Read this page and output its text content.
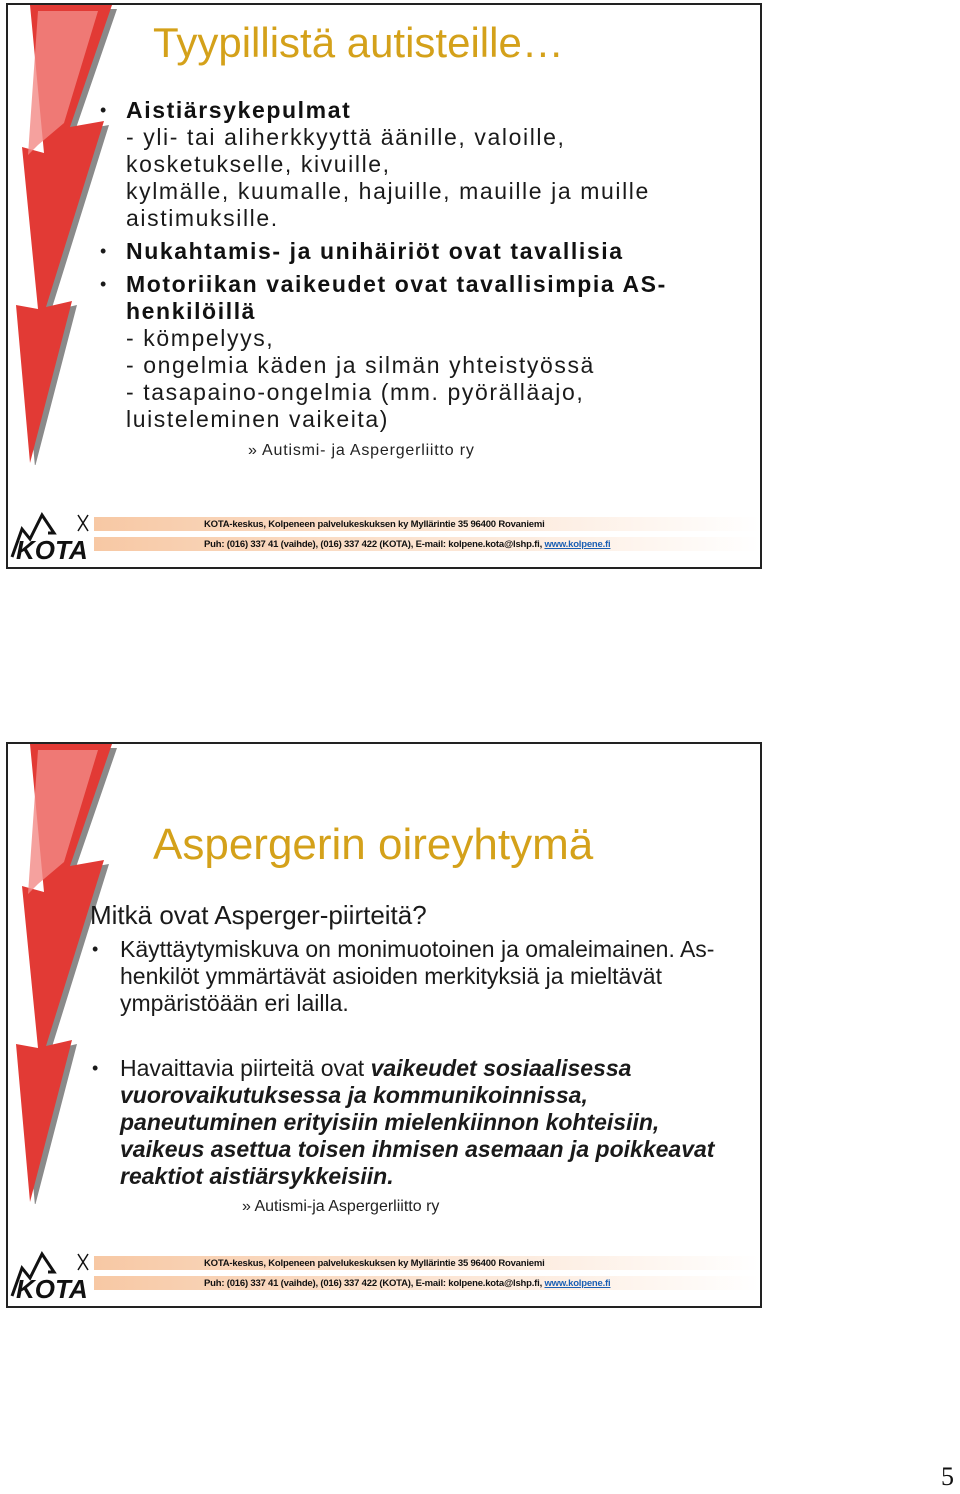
Tyypillistä autisteille…
• Aistiärsykepulmat
- yli- tai aliherkkyyttä äänille, valoille,
kosketukselle, kivuille,
kylmälle, kuumalle, hajuille, mauille ja muille
aistimuksille.
• Nukahtamis- ja unihäiriöt ovat tavallisia
• Motoriikan vaikeudet ovat tavallisimpia AS-henkilöillä
- kömpelyys,
- ongelmia käden ja silmän yhteistyössä
- tasapaino-ongelmia (mm. pyörälläajo,
luisteleminen vaikeita)
» Autismi- ja Aspergerliitto ry
KOTA
KOTA-keskus, Kolpeneen palvelukeskuksen ky Myllärintie 35 96400 Rovaniemi
Puh: (016) 337 41 (vaihde), (016) 337 422 (KOTA), E-mail: kolpene.kota@lshp.fi, www.kolpene.fi
Aspergerin oireyhtymä
Mitkä ovat Asperger-piirteitä?
• Käyttäytymiskuva on monimuotoinen ja omaleimainen. As-henkilöt ymmärtävät asioiden merkityksiä ja mieltävät ympäristöään eri lailla.
• Havaittavia piirteitä ovat vaikeudet sosiaalisessa vuorovaikutuksessa ja kommunikoinnissa, paneutuminen erityisiin mielenkiinnon kohteisiin, vaikeus asettua toisen ihmisen asemaan ja poikkeavat reaktiot aistiärsykkeisiin.
» Autismi-ja Aspergerliitto ry
KOTA
KOTA-keskus, Kolpeneen palvelukeskuksen ky Myllärintie 35 96400 Rovaniemi
Puh: (016) 337 41 (vaihde), (016) 337 422 (KOTA), E-mail: kolpene.kota@lshp.fi, www.kolpene.fi
5
